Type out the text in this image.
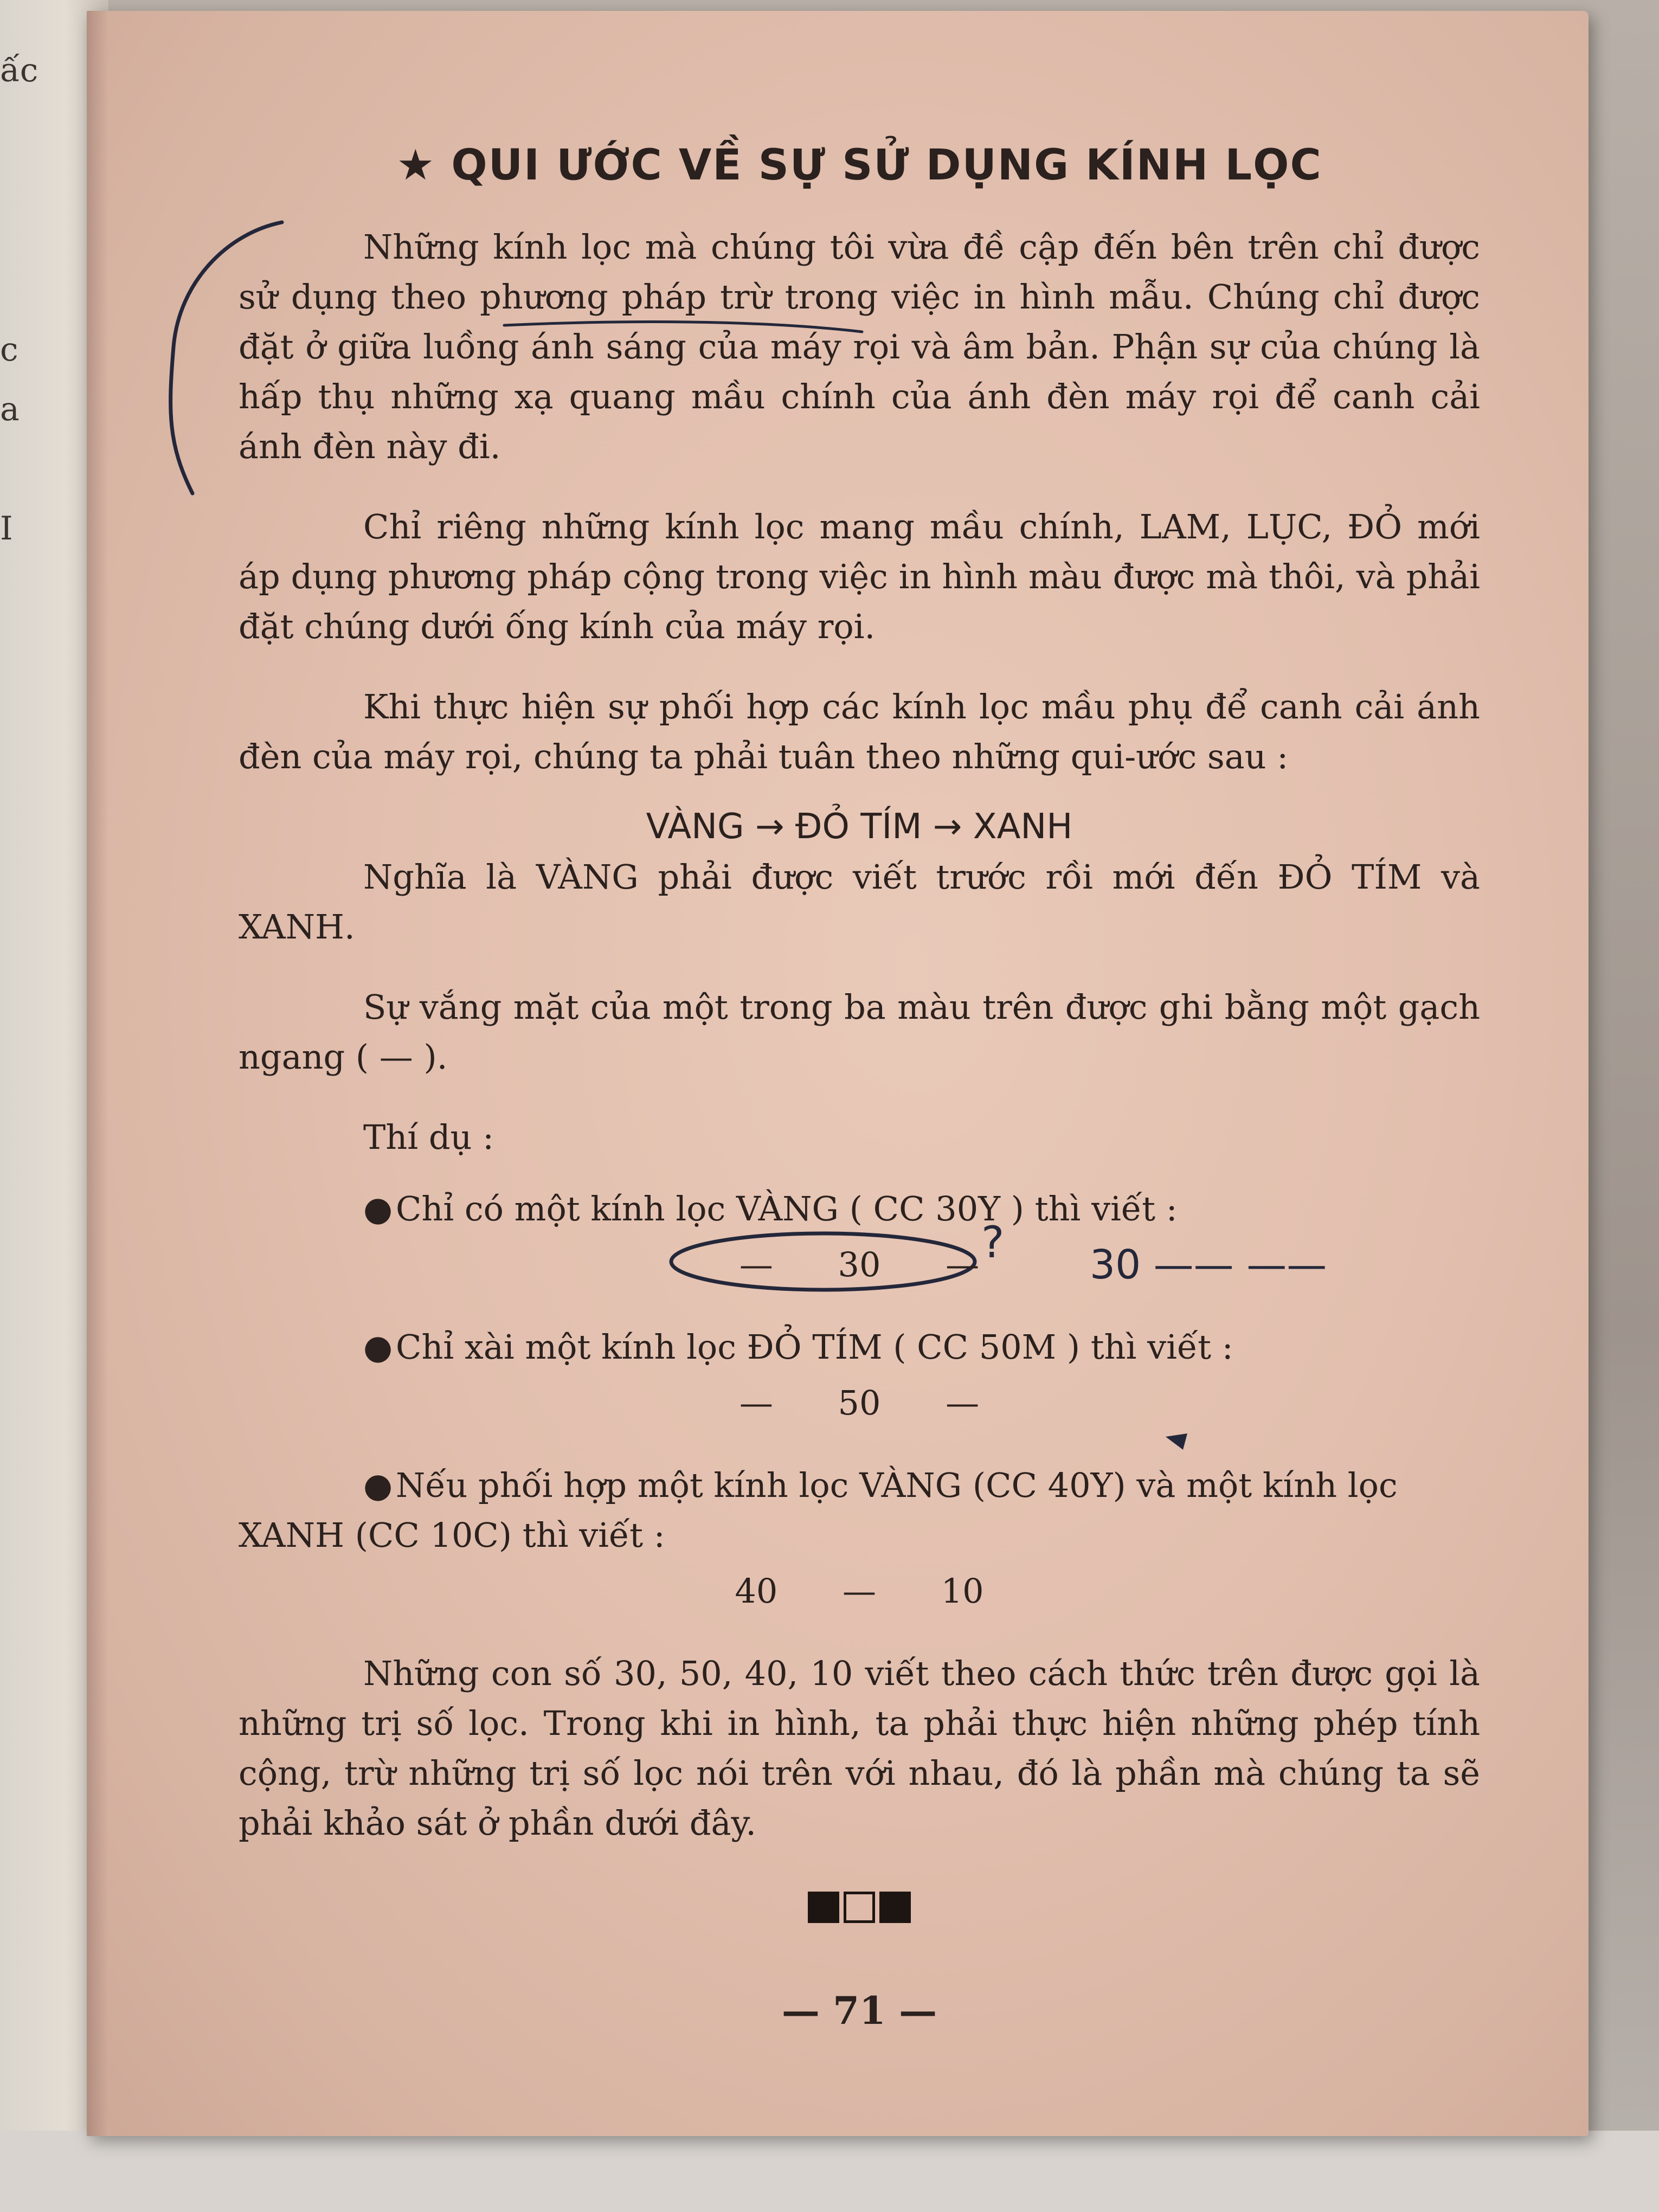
ấc
c
a
I
? 30 —— ——
★ QUI ƯỚC VỀ SỰ SỬ DỤNG KÍNH LỌC

Những kính lọc mà chúng tôi vừa đề cập đến bên trên chỉ được sử dụng theo phương pháp trừ trong việc in hình mẫu. Chúng chỉ được đặt ở giữa luồng ánh sáng của máy rọi và âm bản. Phận sự của chúng là hấp thụ những xạ quang mầu chính của ánh đèn máy rọi để canh cải ánh đèn này đi.

Chỉ riêng những kính lọc mang mầu chính, LAM, LỤC, ĐỎ mới áp dụng phương pháp cộng trong việc in hình màu được mà thôi, và phải đặt chúng dưới ống kính của máy rọi.

Khi thực hiện sự phối hợp các kính lọc mầu phụ để canh cải ánh đèn của máy rọi, chúng ta phải tuân theo những qui-ước sau :

VÀNG → ĐỎ TÍM → XANH

Nghĩa là VÀNG phải được viết trước rồi mới đến ĐỎ TÍM và XANH.

Sự vắng mặt của một trong ba màu trên được ghi bằng một gạch ngang ( — ).

Thí dụ :
●Chỉ có một kính lọc VÀNG ( CC 30Y ) thì viết :
— 30 —
●Chỉ xài một kính lọc ĐỎ TÍM ( CC 50M ) thì viết :
— 50 —
●Nếu phối hợp một kính lọc VÀNG (CC 40Y) và một kính lọc XANH (CC 10C) thì viết :
40 — 10

Những con số 30, 50, 40, 10 viết theo cách thức trên được gọi là những trị số lọc. Trong khi in hình, ta phải thực hiện những phép tính cộng, trừ những trị số lọc nói trên với nhau, đó là phần mà chúng ta sẽ phải khảo sát ở phần dưới đây.

— 71 —
